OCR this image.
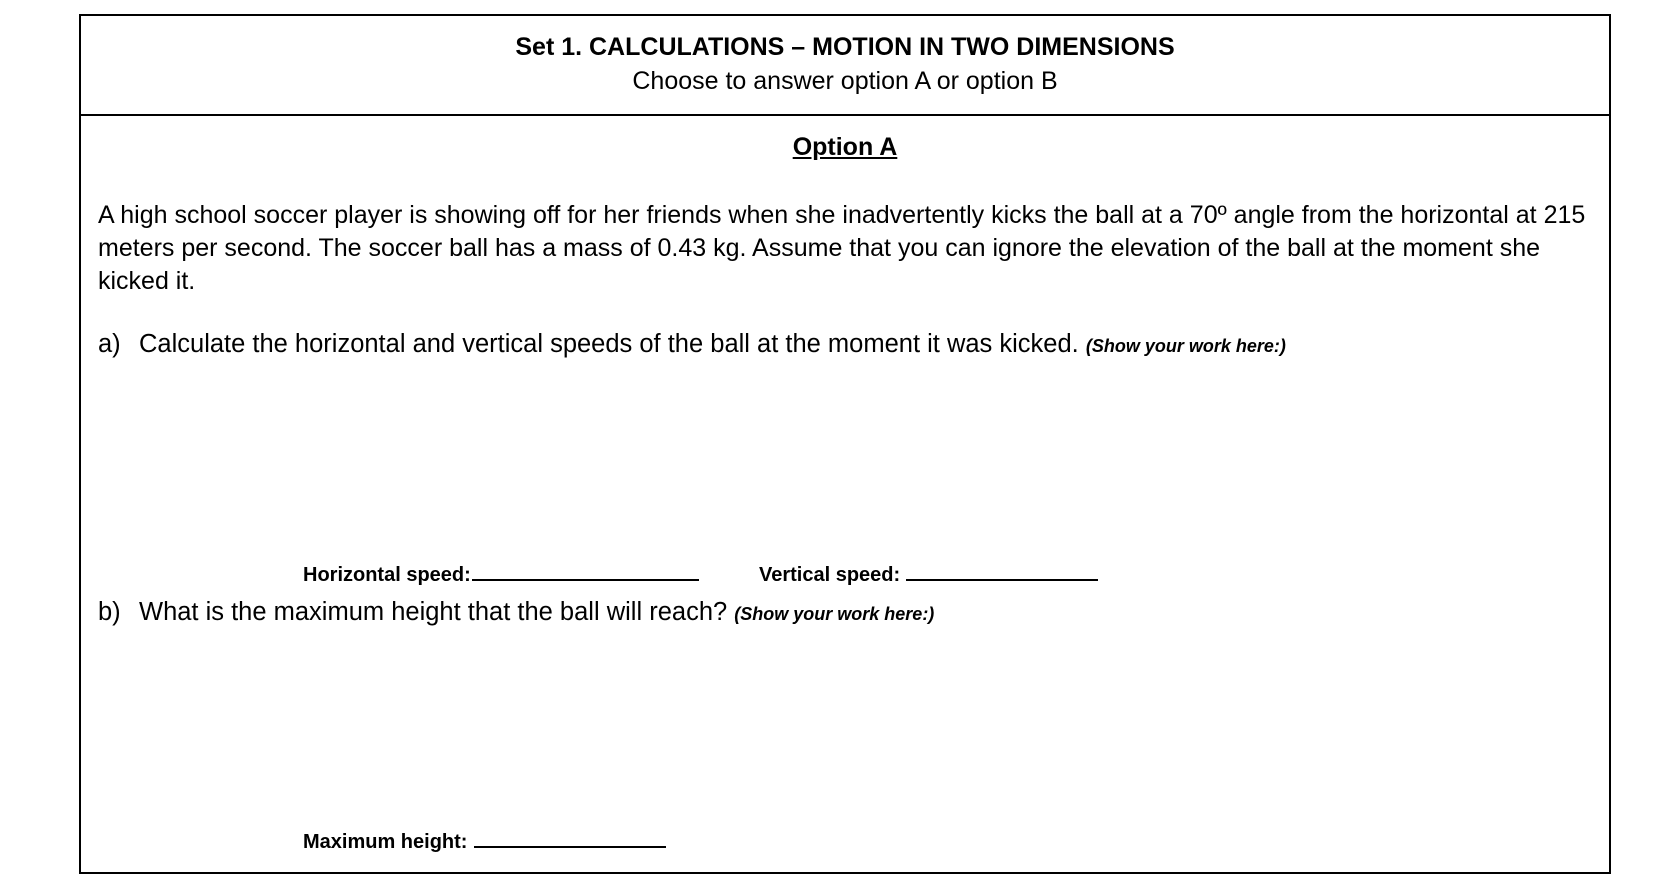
Set 1. CALCULATIONS – MOTION IN TWO DIMENSIONS
Choose to answer option A or option B
Option A
A high school soccer player is showing off for her friends when she inadvertently kicks the ball at a 70º angle from the horizontal at 215 meters per second. The soccer ball has a mass of 0.43 kg. Assume that you can ignore the elevation of the ball at the moment she kicked it.
a) Calculate the horizontal and vertical speeds of the ball at the moment it was kicked. (Show your work here:)
Horizontal speed:	Vertical speed:
b) What is the maximum height that the ball will reach? (Show your work here:)
Maximum height:
